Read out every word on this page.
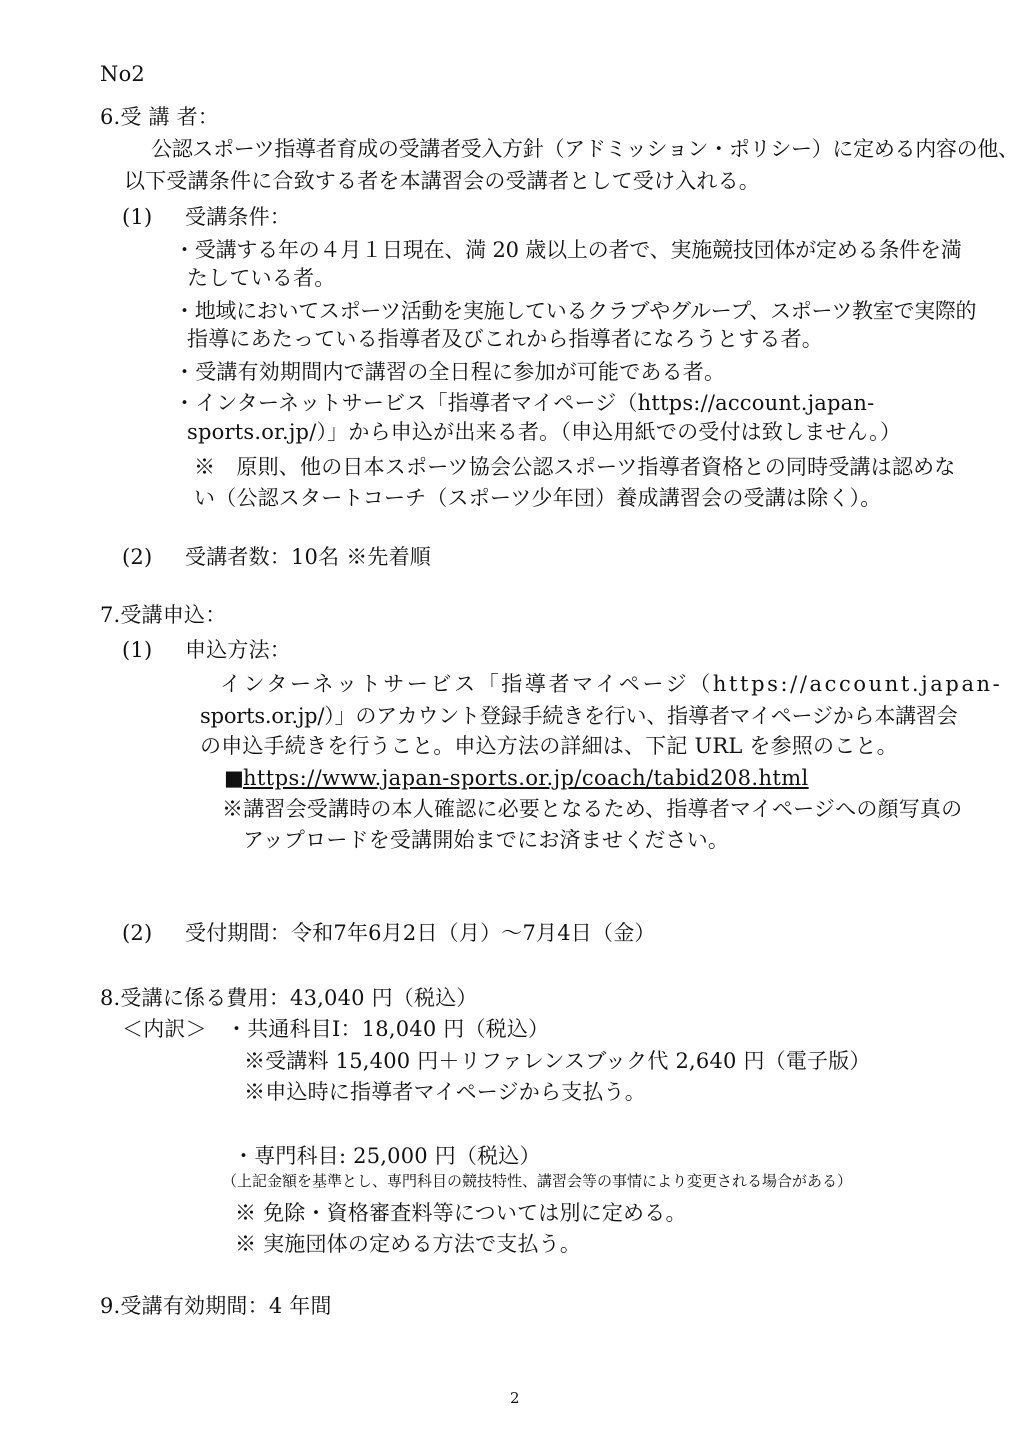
No2
6.受 講 者：
公認スポーツ指導者育成の受講者受入方針（アドミッション・ポリシー）に定める内容の他、
以下受講条件に合致する者を本講習会の受講者として受け入れる。
(1) 受講条件：
・受講する年の４月１日現在、満 20 歳以上の者で、実施競技団体が定める条件を満
たしている者。
・地域においてスポーツ活動を実施しているクラブやグループ、スポーツ教室で実際的
指導にあたっている指導者及びこれから指導者になろうとする者。
・受講有効期間内で講習の全日程に参加が可能である者。
・インターネットサービス「指導者マイページ（https://account.japan-
sports.or.jp/）」から申込が出来る者。（申込用紙での受付は致しません。）
※　原則、他の日本スポーツ協会公認スポーツ指導者資格との同時受講は認めな
い（公認スタートコーチ（スポーツ少年団）養成講習会の受講は除く）。
(2) 受講者数：10名 ※先着順
7.受講申込：
(1) 申込方法：
インターネットサービス「指導者マイページ（https://account.japan-
sports.or.jp/）」のアカウント登録手続きを行い、指導者マイページから本講習会
の申込手続きを行うこと。申込方法の詳細は、下記 URL を参照のこと。
■
https://www.japan-sports.or.jp/coach/tabid208.html
※講習会受講時の本人確認に必要となるため、指導者マイページへの顔写真の
アップロードを受講開始までにお済ませください。
(2) 受付期間：令和7年6月2日（月）～7月4日（金）
8.受講に係る費用：43,040 円（税込）
＜内訳＞ ・共通科目Ⅰ：18,040 円（税込）
※受講料 15,400 円＋リファレンスブック代 2,640 円（電子版）
※申込時に指導者マイページから支払う。
・専門科目: 25,000 円（税込）
（上記金額を基準とし、専門科目の競技特性、講習会等の事情により変更される場合がある）
※ 免除・資格審査料等については別に定める。
※ 実施団体の定める方法で支払う。
9.受講有効期間：4 年間
2
